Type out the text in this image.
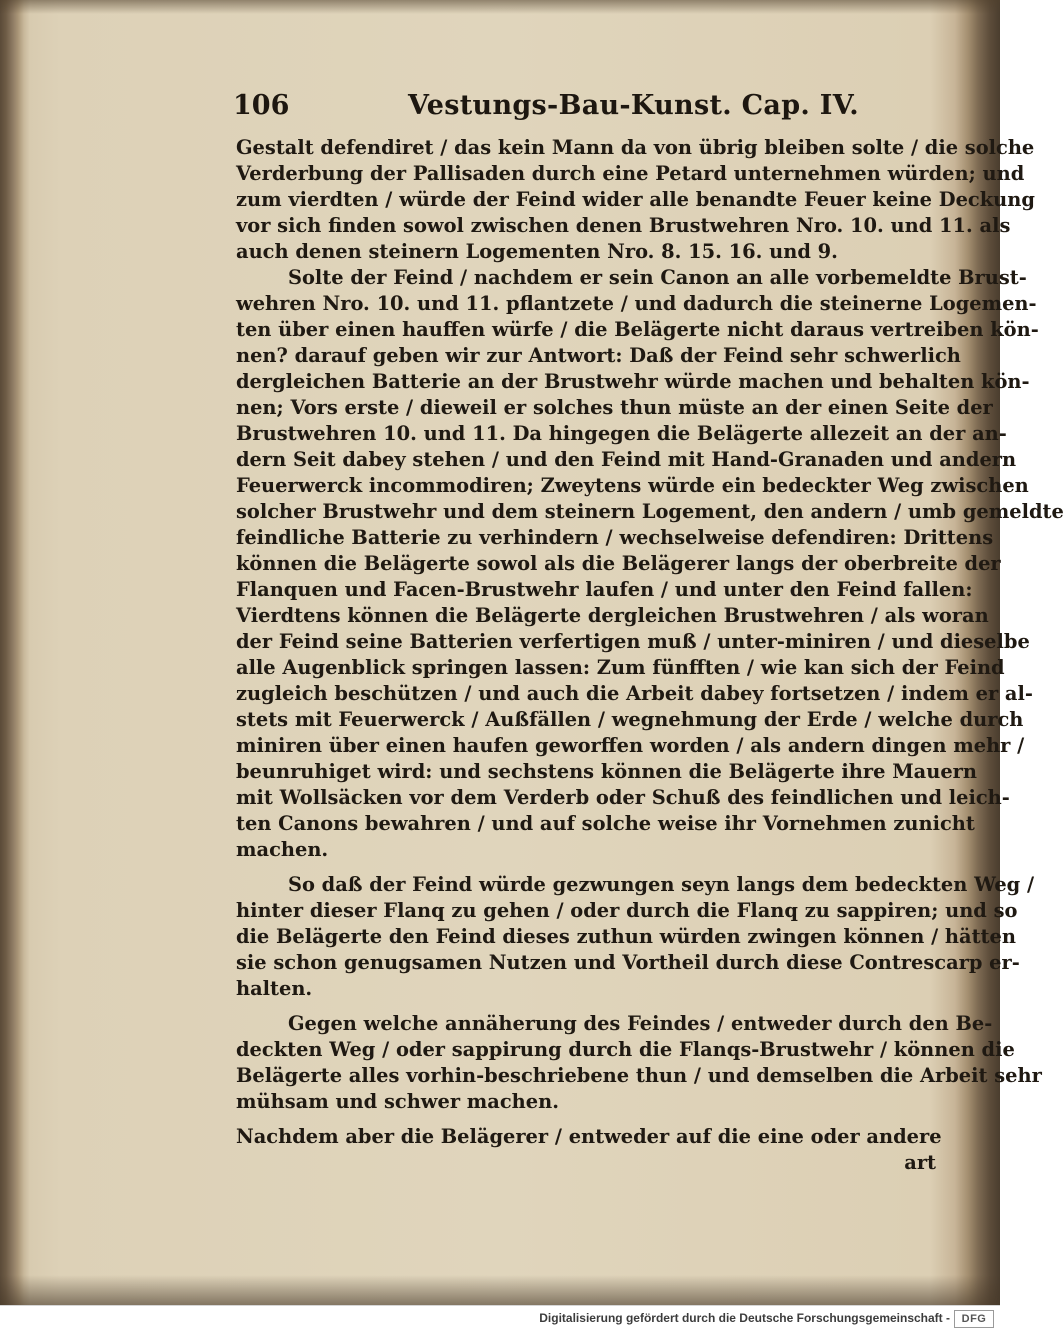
106	Vestungs-Bau-Kunst. Cap. IV.
Gestalt defendiret / das kein Mann da von übrig bleiben solte / die solche
Verderbung der Pallisaden durch eine Petard unternehmen würden; und
zum vierdten / würde der Feind wider alle benandte Feuer keine Deckung
vor sich finden sowol zwischen denen Brustwehren Nro. 10. und 11. als
auch denen steinern Logementen Nro. 8. 15. 16. und 9.
Solte der Feind / nachdem er sein Canon an alle vorbemeldte Brust-
wehren Nro. 10. und 11. pflantzete / und dadurch die steinerne Logemen-
ten über einen hauffen würfe / die Belägerte nicht daraus vertreiben kön-
nen? darauf geben wir zur Antwort: Daß der Feind sehr schwerlich
dergleichen Batterie an der Brustwehr würde machen und behalten kön-
nen; Vors erste / dieweil er solches thun müste an der einen Seite der
Brustwehren 10. und 11. Da hingegen die Belägerte allezeit an der an-
dern Seit dabey stehen / und den Feind mit Hand-Granaden und andern
Feuerwerck incommodiren; Zweytens würde ein bedeckter Weg zwischen
solcher Brustwehr und dem steinern Logement, den andern / umb gemeldte
feindliche Batterie zu verhindern / wechselweise defendiren: Drittens
können die Belägerte sowol als die Belägerer langs der oberbreite der
Flanquen und Facen-Brustwehr laufen / und unter den Feind fallen:
Vierdtens können die Belägerte dergleichen Brustwehren / als woran
der Feind seine Batterien verfertigen muß / unter-miniren / und dieselbe
alle Augenblick springen lassen: Zum fünfften / wie kan sich der Feind
zugleich beschützen / und auch die Arbeit dabey fortsetzen / indem er al-
stets mit Feuerwerck / Außfällen / wegnehmung der Erde / welche durch
miniren über einen haufen geworffen worden / als andern dingen mehr /
beunruhiget wird: und sechstens können die Belägerte ihre Mauern
mit Wollsäcken vor dem Verderb oder Schuß des feindlichen und leich-
ten Canons bewahren / und auf solche weise ihr Vornehmen zunicht
machen.
So daß der Feind würde gezwungen seyn langs dem bedeckten Weg /
hinter dieser Flanq zu gehen / oder durch die Flanq zu sappiren; und so
die Belägerte den Feind dieses zuthun würden zwingen können / hätten
sie schon genugsamen Nutzen und Vortheil durch diese Contrescarp er-
halten.
Gegen welche annäherung des Feindes / entweder durch den Be-
deckten Weg / oder sappirung durch die Flanqs-Brustwehr / können die
Belägerte alles vorhin-beschriebene thun / und demselben die Arbeit sehr
mühsam und schwer machen.
Nachdem aber die Belägerer / entweder auf die eine oder andere
art
Digitalisierung gefördert durch die Deutsche Forschungsgemeinschaft -	DFG
